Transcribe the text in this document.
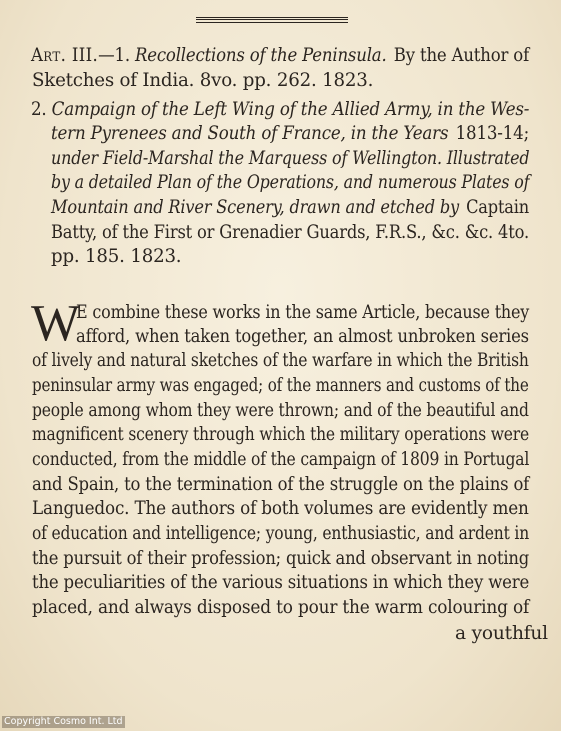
Art. III.—1. Recollections of the Peninsula. By the Author of
Sketches of India. 8vo. pp. 262. 1823.
2. Campaign of the Left Wing of the Allied Army, in the Wes-
tern Pyrenees and South of France, in the Years 1813-14;
under Field-Marshal the Marquess of Wellington. Illustrated
by a detailed Plan of the Operations, and numerous Plates of
Mountain and River Scenery, drawn and etched by Captain
Batty, of the First or Grenadier Guards, F.R.S., &c. &c. 4to.
pp. 185. 1823.
W
E combine these works in the same Article, because they
afford, when taken together, an almost unbroken series
of lively and natural sketches of the warfare in which the British
peninsular army was engaged; of the manners and customs of the
people among whom they were thrown; and of the beautiful and
magnificent scenery through which the military operations were
conducted, from the middle of the campaign of 1809 in Portugal
and Spain, to the termination of the struggle on the plains of
Languedoc. The authors of both volumes are evidently men
of education and intelligence; young, enthusiastic, and ardent in
the pursuit of their profession; quick and observant in noting
the peculiarities of the various situations in which they were
placed, and always disposed to pour the warm colouring of
a youthful
Copyright Cosmo Int. Ltd
